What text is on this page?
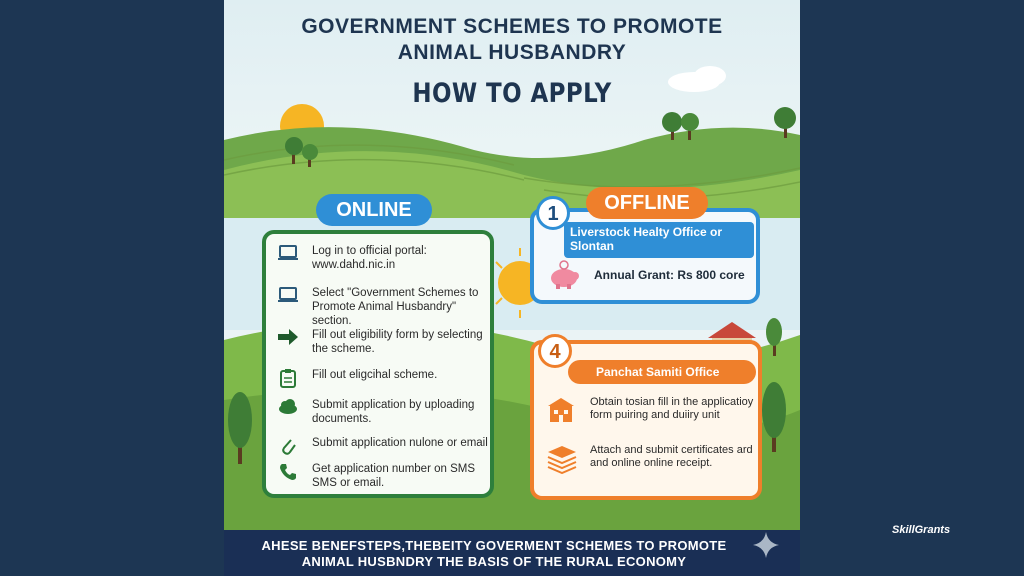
GOVERNMENT SCHEMES TO PROMOTE
ANIMAL HUSBANDRY
HOW TO APPLY
Log in to official portal: www.dahd.nic.in
Select "Government Schemes to Promote Animal Husbandry" section.
Fill out eligibility form by selecting the scheme.
Fill out eligcihal scheme.
Submit application by uploading documents.
Submit application nulone or email
Get application number on SMS SMS or email.
ONLINE
Liverstock Healty Office or Slontan
Annual Grant: Rs 800 core
1	OFFLINE
Panchat Samiti Office
Obtain tosian fill in the applicatioy form puiring and duiiry unit
Attach and submit certificates ard and online online receipt.
4
AHESE BENEFSTEPS,THEBEITY GOVERMENT SCHEMES TO PROMOTE
ANIMAL HUSBNDRY THE BASIS OF THE RURAL ECONOMY
SkillGrants
